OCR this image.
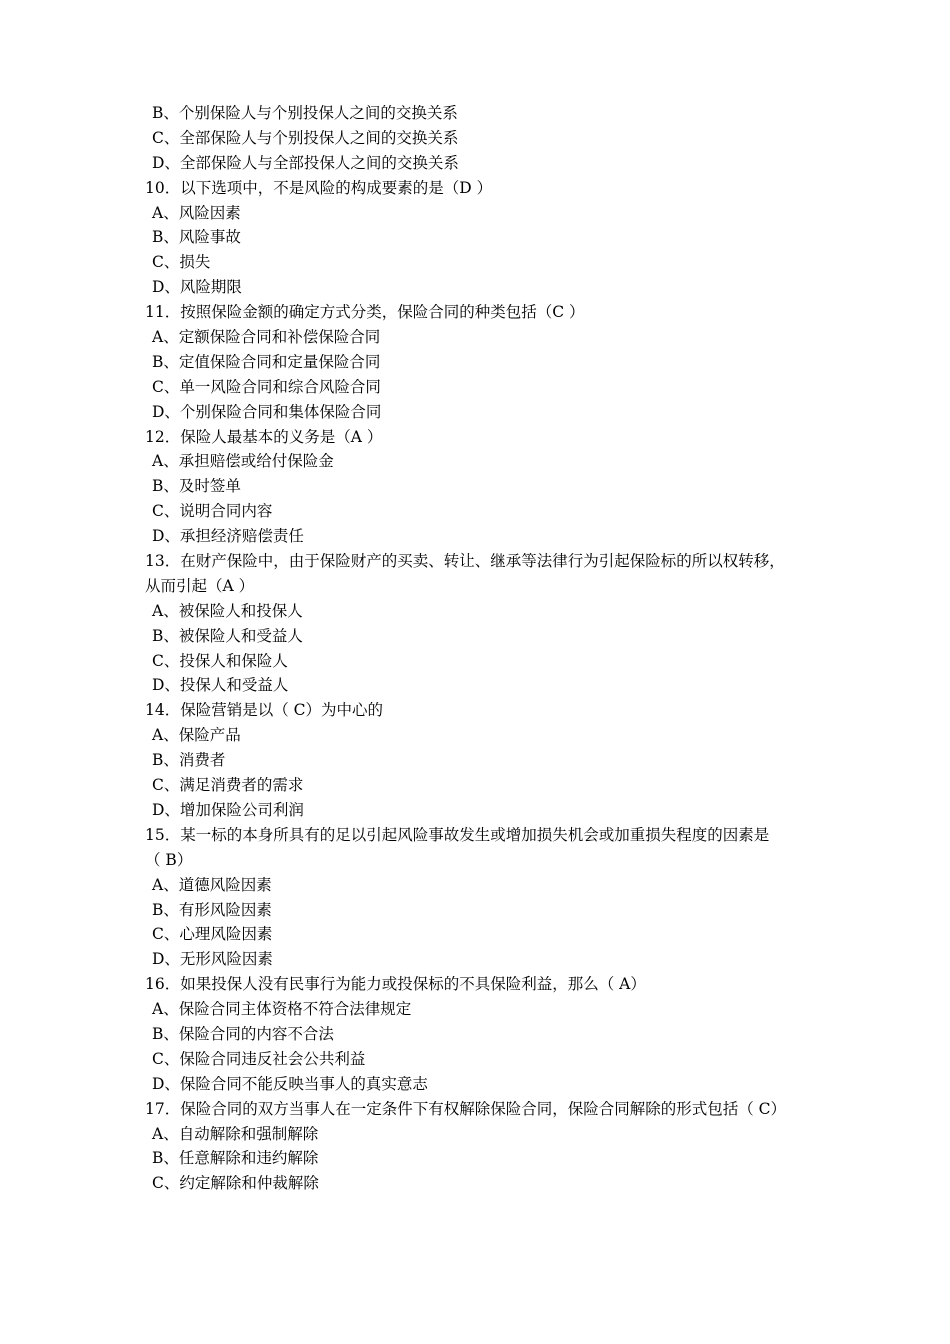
B、个别保险人与个别投保人之间的交换关系
C、全部保险人与个别投保人之间的交换关系
D、全部保险人与全部投保人之间的交换关系
10．以下选项中，不是风险的构成要素的是（D ）
A、风险因素
B、风险事故
C、损失
D、风险期限
11．按照保险金额的确定方式分类，保险合同的种类包括（C ）
A、定额保险合同和补偿保险合同
B、定值保险合同和定量保险合同
C、单一风险合同和综合风险合同
D、个别保险合同和集体保险合同
12．保险人最基本的义务是（A ）
A、承担赔偿或给付保险金
B、及时签单
C、说明合同内容
D、承担经济赔偿责任
13．在财产保险中，由于保险财产的买卖、转让、继承等法律行为引起保险标的所以权转移，
从而引起（A ）
A、被保险人和投保人
B、被保险人和受益人
C、投保人和保险人
D、投保人和受益人
14．保险营销是以（ C）为中心的
A、保险产品
B、消费者
C、满足消费者的需求
D、增加保险公司利润
15．某一标的本身所具有的足以引起风险事故发生或增加损失机会或加重损失程度的因素是
（ B）
A、道德风险因素
B、有形风险因素
C、心理风险因素
D、无形风险因素
16．如果投保人没有民事行为能力或投保标的不具保险利益，那么（ A）
A、保险合同主体资格不符合法律规定
B、保险合同的内容不合法
C、保险合同违反社会公共利益
D、保险合同不能反映当事人的真实意志
17．保险合同的双方当事人在一定条件下有权解除保险合同，保险合同解除的形式包括（ C）
A、自动解除和强制解除
B、任意解除和违约解除
C、约定解除和仲裁解除
